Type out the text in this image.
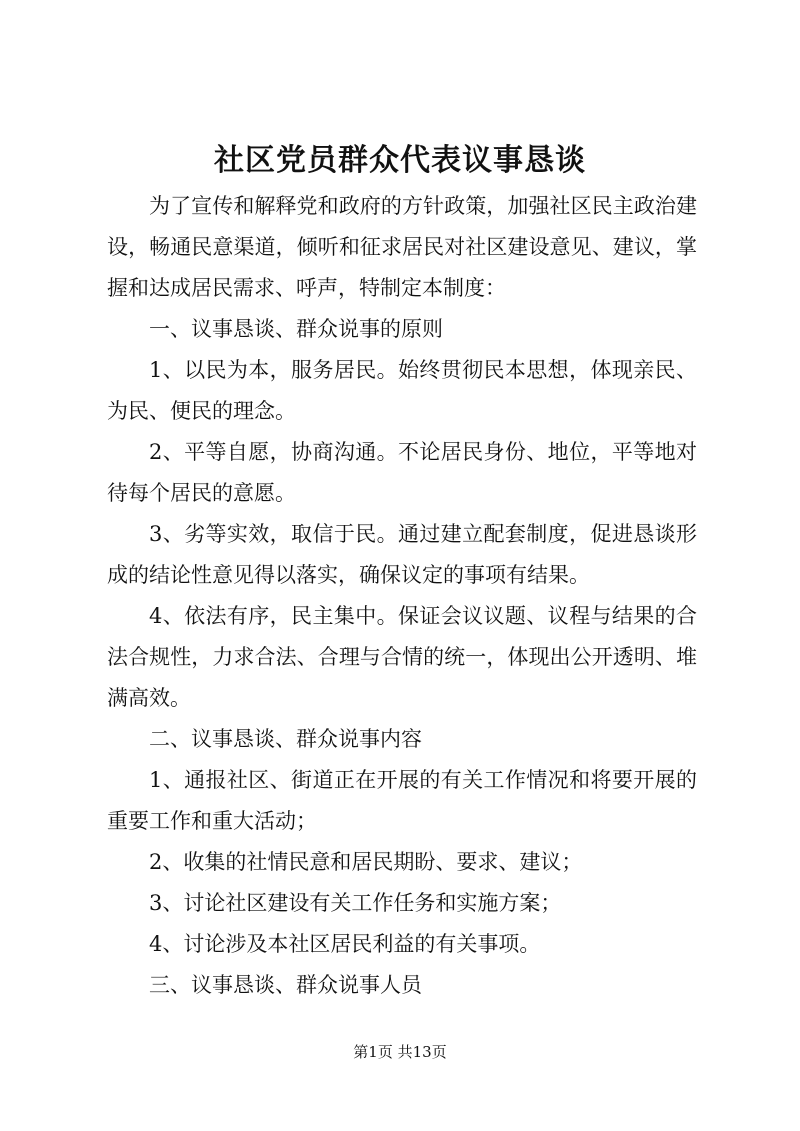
社区党员群众代表议事恳谈

为了宣传和解释党和政府的方针政策，加强社区民主政治建设，畅通民意渠道，倾听和征求居民对社区建设意见、建议，掌握和达成居民需求、呼声，特制定本制度：

一、议事恳谈、群众说事的原则

1、以民为本，服务居民。始终贯彻民本思想，体现亲民、为民、便民的理念。

2、平等自愿，协商沟通。不论居民身份、地位，平等地对待每个居民的意愿。

3、劣等实效，取信于民。通过建立配套制度，促进恳谈形成的结论性意见得以落实，确保议定的事项有结果。

4、依法有序，民主集中。保证会议议题、议程与结果的合法合规性，力求合法、合理与合情的统一，体现出公开透明、堆满高效。

二、议事恳谈、群众说事内容

1、通报社区、街道正在开展的有关工作情况和将要开展的重要工作和重大活动；

2、收集的社情民意和居民期盼、要求、建议；

3、讨论社区建设有关工作任务和实施方案；

4、讨论涉及本社区居民利益的有关事项。

三、议事恳谈、群众说事人员

第1页 共13页
